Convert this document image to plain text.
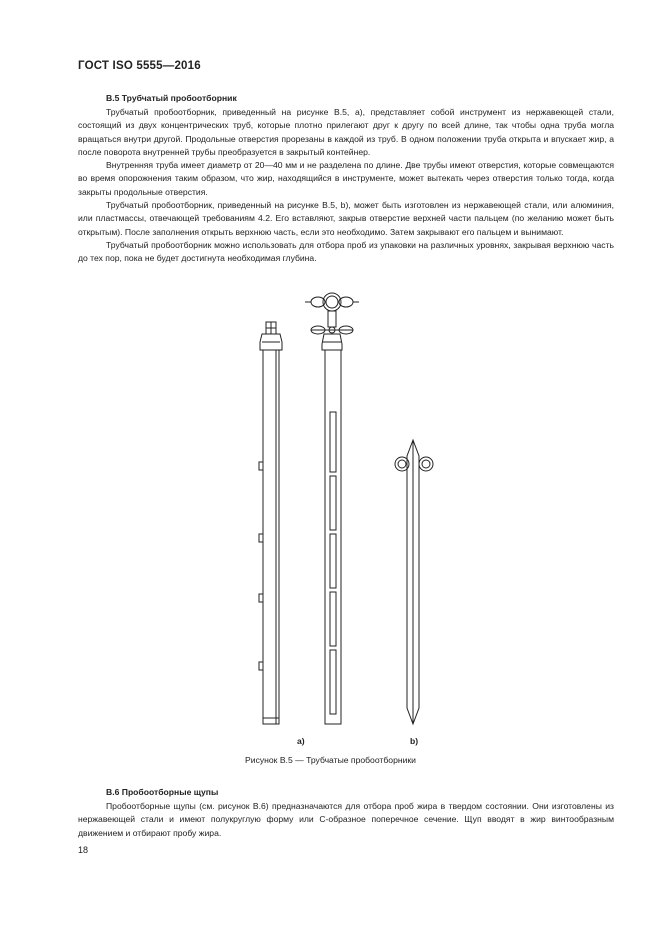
ГОСТ ISO 5555—2016
В.5 Трубчатый пробоотборник

Трубчатый пробоотборник, приведенный на рисунке В.5, а), представляет собой инструмент из нержавеющей стали, состоящий из двух концентрических труб, которые плотно прилегают друг к другу по всей длине, так чтобы одна труба могла вращаться внутри другой. Продольные отверстия прорезаны в каждой из труб. В одном положении труба открыта и впускает жир, а после поворота внутренней трубы преобразуется в закрытый контейнер.

Внутренняя труба имеет диаметр от 20—40 мм и не разделена по длине. Две трубы имеют отверстия, которые совмещаются во время опорожнения таким образом, что жир, находящийся в инструменте, может вытекать через отверстия только тогда, когда закрыты продольные отверстия.

Трубчатый пробоотборник, приведенный на рисунке В.5, b), может быть изготовлен из нержавеющей стали, или алюминия, или пластмассы, отвечающей требованиям 4.2. Его вставляют, закрыв отверстие верхней части пальцем (по желанию может быть открытым). После заполнения открыть верхнюю часть, если это необходимо. Затем закрывают его пальцем и вынимают.

Трубчатый пробоотборник можно использовать для отбора проб из упаковки на различных уровнях, закрывая верхнюю часть до тех пор, пока не будет достигнута необходимая глубина.

а)	b)
Рисунок В.5 — Трубчатые пробоотборники
В.6 Пробоотборные щупы

Пробоотборные щупы (см. рисунок В.6) предназначаются для отбора проб жира в твердом состоянии. Они изготовлены из нержавеющей стали и имеют полукруглую форму или С-образное поперечное сечение. Щуп вводят в жир винтообразным движением и отбирают пробу жира.

18
